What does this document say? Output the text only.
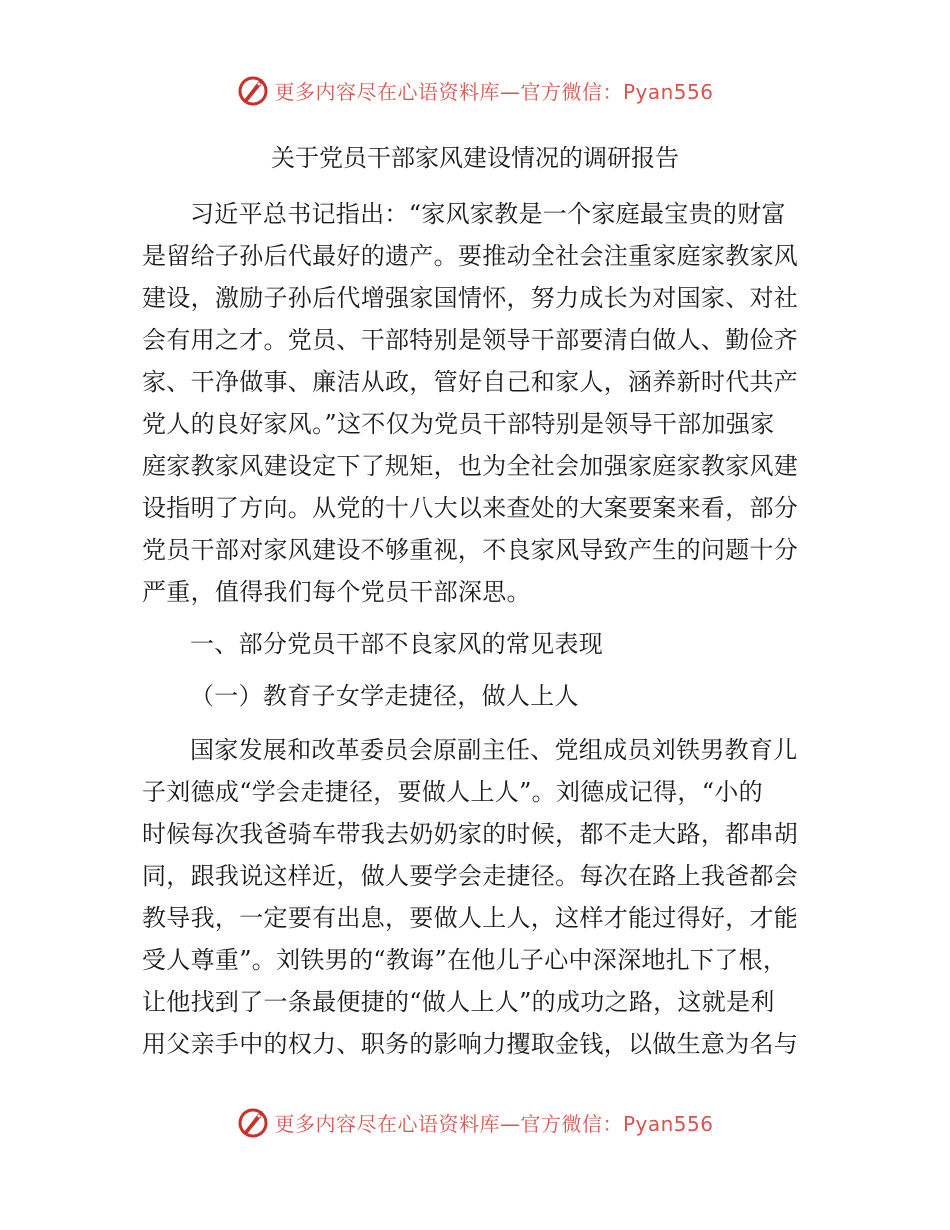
更多内容尽在心语资料库—官方微信：Pyan556
关于党员干部家风建设情况的调研报告
习近平总书记指出：“家风家教是一个家庭最宝贵的财富
是留给子孙后代最好的遗产。要推动全社会注重家庭家教家风
建设，激励子孙后代增强家国情怀，努力成长为对国家、对社
会有用之才。党员、干部特别是领导干部要清白做人、勤俭齐
家、干净做事、廉洁从政，管好自己和家人，涵养新时代共产
党人的良好家风。”这不仅为党员干部特别是领导干部加强家
庭家教家风建设定下了规矩，也为全社会加强家庭家教家风建
设指明了方向。从党的十八大以来查处的大案要案来看，部分
党员干部对家风建设不够重视，不良家风导致产生的问题十分
严重，值得我们每个党员干部深思。
一、部分党员干部不良家风的常见表现
（一）教育子女学走捷径，做人上人
国家发展和改革委员会原副主任、党组成员刘铁男教育儿
子刘德成“学会走捷径，要做人上人”。刘德成记得，“小的
时候每次我爸骑车带我去奶奶家的时候，都不走大路，都串胡
同，跟我说这样近，做人要学会走捷径。每次在路上我爸都会
教导我，一定要有出息，要做人上人，这样才能过得好，才能
受人尊重”。刘铁男的“教诲”在他儿子心中深深地扎下了根，
让他找到了一条最便捷的“做人上人”的成功之路，这就是利
用父亲手中的权力、职务的影响力攫取金钱，以做生意为名与
更多内容尽在心语资料库—官方微信：Pyan556
